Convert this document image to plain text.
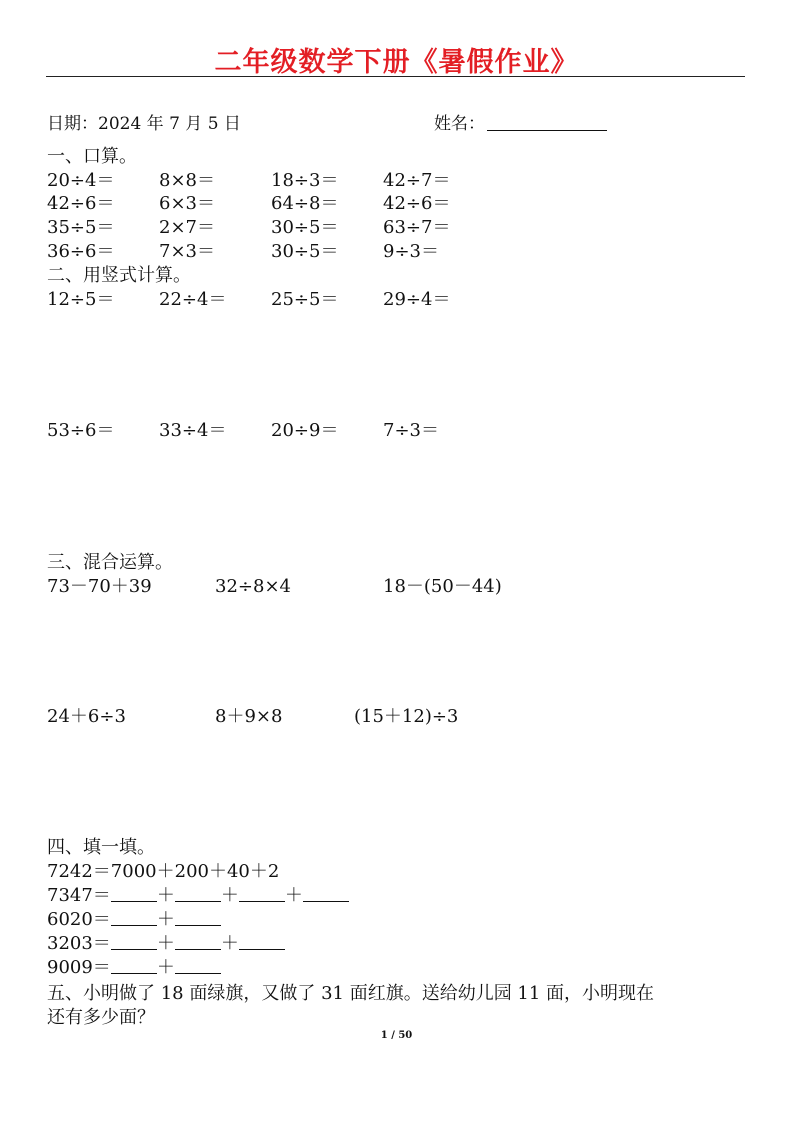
二年级数学下册《暑假作业》
日期：2024 年 7 月 5 日	姓名：
一、口算。
20÷4＝ 8×8＝	18÷3＝ 42÷7＝
42÷6＝ 6×3＝	64÷8＝ 42÷6＝
35÷5＝ 2×7＝	30÷5＝ 63÷7＝
36÷6＝ 7×3＝	30÷5＝ 9÷3＝
二、用竖式计算。
12÷5＝ 22÷4＝ 25÷5＝ 29÷4＝
53÷6＝ 33÷4＝ 20÷9＝ 7÷3＝
三、混合运算。
73－70＋39	32÷8×4	18－(50－44)
24＋6÷3	8＋9×8	(15＋12)÷3
四、填一填。
7242＝7000＋200＋40＋2
7347＝	＋	＋	＋
6020＝	＋
3203＝	＋	＋
9009＝	＋
五、小明做了 18 面绿旗，又做了 31 面红旗。送给幼儿园 11 面，小明现在
还有多少面？
1 / 50
